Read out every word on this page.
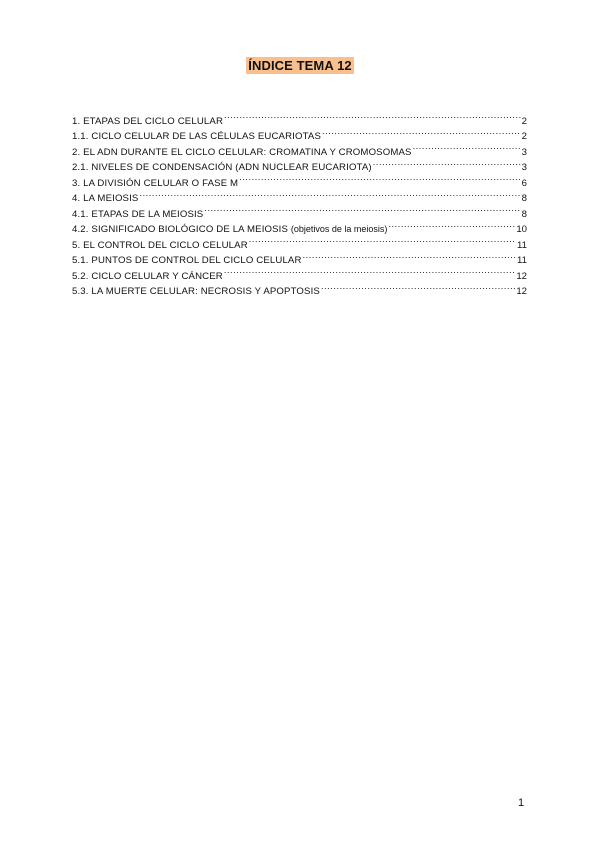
ÍNDICE TEMA 12
1. ETAPAS DEL CICLO CELULAR .....	2
1.1. CICLO CELULAR DE LAS CÉLULAS EUCARIOTAS .....	2
2. EL ADN DURANTE EL CICLO CELULAR: CROMATINA Y CROMOSOMAS .....	3
2.1. NIVELES DE CONDENSACIÓN (ADN NUCLEAR EUCARIOTA) .....	3
3. LA DIVISIÓN CELULAR O FASE M .....	6
4. LA MEIOSIS .....	8
4.1. ETAPAS DE LA MEIOSIS .....	8
4.2. SIGNIFICADO BIOLÓGICO DE LA MEIOSIS (objetivos de la meiosis) .....	10
5. EL CONTROL DEL CICLO CELULAR .....	11
5.1. PUNTOS DE CONTROL DEL CICLO CELULAR .....	11
5.2. CICLO CELULAR Y CÁNCER .....	12
5.3. LA MUERTE CELULAR: NECROSIS Y APOPTOSIS .....	12
1
